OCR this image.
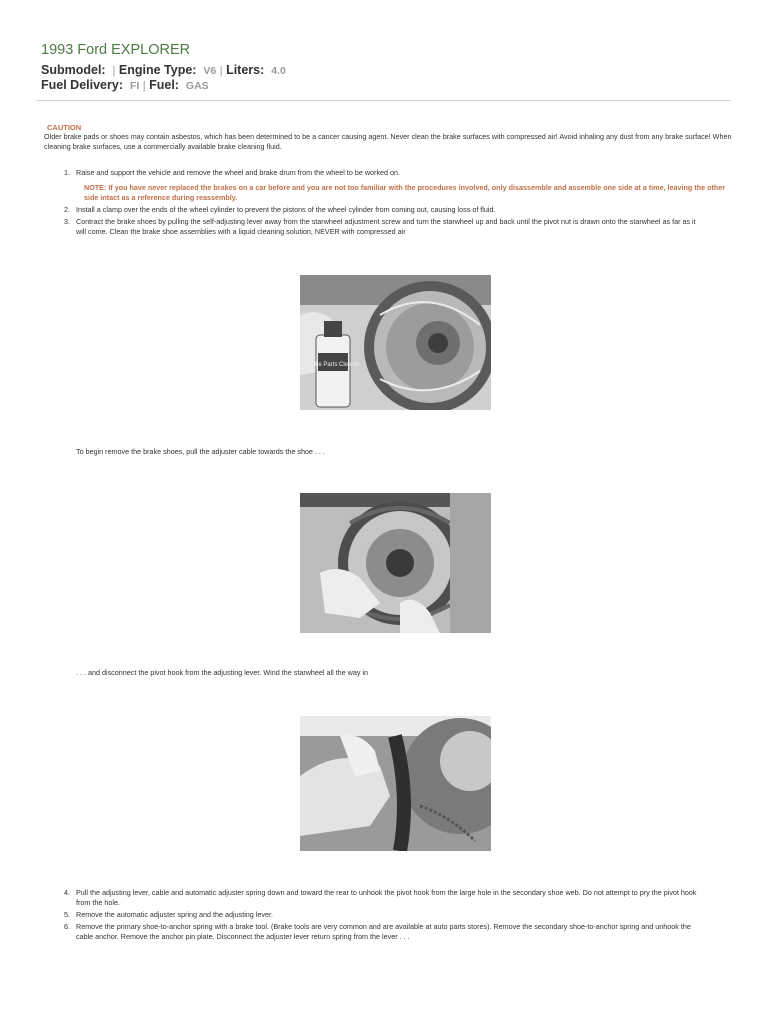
1993 Ford EXPLORER
Submodel: | Engine Type: V6 | Liters: 4.0
Fuel Delivery: FI | Fuel: GAS
CAUTION
Older brake pads or shoes may contain asbestos, which has been determined to be a cancer causing agent. Never clean the brake surfaces with compressed air! Avoid inhaling any dust from any brake surface! When cleaning brake surfaces, use a commercially available brake cleaning fluid.
1. Raise and support the vehicle and remove the wheel and brake drum from the wheel to be worked on.
2. Install a clamp over the ends of the wheel cylinder to prevent the pistons of the wheel cylinder from coming out, causing loss of fluid.
3. Contract the brake shoes by pulling the self-adjusting lever away from the starwheel adjustment screw and turn the starwheel up and back until the pivot nut is drawn onto the starwheel as far as it will come. Clean the brake shoe assemblies with a liquid cleaning solution, NEVER with compressed air
NOTE: If you have never replaced the brakes on a car before and you are not too familiar with the procedures involved, only disassemble and assemble one side at a time, leaving the other side intact as a reference during reassembly.
Brake Parts Cleaner
To begin remove the brake shoes, pull the adjuster cable towards the shoe . . .
. . . and disconnect the pivot hook from the adjusting lever. Wind the starwheel all the way in
4. Pull the adjusting lever, cable and automatic adjuster spring down and toward the rear to unhook the pivot hook from the large hole in the secondary shoe web. Do not attempt to pry the pivot hook from the hole.
5. Remove the automatic adjuster spring and the adjusting lever.
6. Remove the primary shoe-to-anchor spring with a brake tool. (Brake tools are very common and are available at auto parts stores). Remove the secondary shoe-to-anchor spring and unhook the cable anchor. Remove the anchor pin plate. Disconnect the adjuster lever return spring from the lever . . .
